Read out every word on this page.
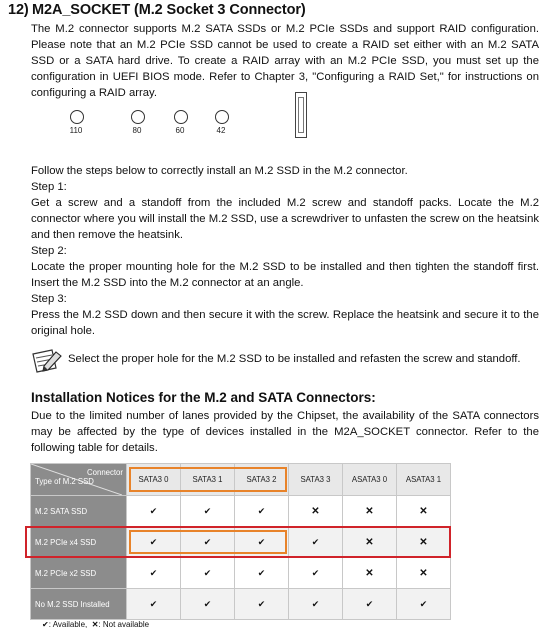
12) M2A_SOCKET (M.2 Socket 3 Connector)
The M.2 connector supports M.2 SATA SSDs or M.2 PCIe SSDs and support RAID configuration. Please note that an M.2 PCIe SSD cannot be used to create a RAID set either with an M.2 SATA SSD or a SATA hard drive. To create a RAID array with an M.2 PCIe SSD, you must set up the configuration in UEFI BIOS mode. Refer to Chapter 3, "Configuring a RAID Set," for instructions on configuring a RAID array.
110	80	60	42
Follow the steps below to correctly install an M.2 SSD in the M.2 connector.
Step 1:
Get a screw and a standoff from the included M.2 screw and standoff packs. Locate the M.2 connector where you will install the M.2 SSD, use a screwdriver to unfasten the screw on the heatsink and then remove the heatsink.
Step 2:
Locate the proper mounting hole for the M.2 SSD to be installed and then tighten the standoff first. Insert the M.2 SSD into the M.2 connector at an angle.
Step 3:
Press the M.2 SSD down and then secure it with the screw. Replace the heatsink and secure it to the original hole.
Select the proper hole for the M.2 SSD to be installed and refasten the screw and standoff.
Installation Notices for the M.2 and SATA Connectors:
Due to the limited number of lanes provided by the Chipset, the availability of the SATA connectors may be affected by the type of devices installed in the M2A_SOCKET connector. Refer to the following table for details.
Connector
Type of M.2 SSD	SATA3 0	SATA3 1	SATA3 2	SATA3 3	ASATA3 0	ASATA3 1
M.2 SATA SSD	✔	✔	✔	✕	✕	✕
M.2 PCIe x4 SSD	✔	✔	✔	✔	✕	✕
M.2 PCIe x2 SSD	✔	✔	✔	✔	✕	✕
No M.2 SSD Installed	✔	✔	✔	✔	✔	✔
✔: Available, ✕: Not available
